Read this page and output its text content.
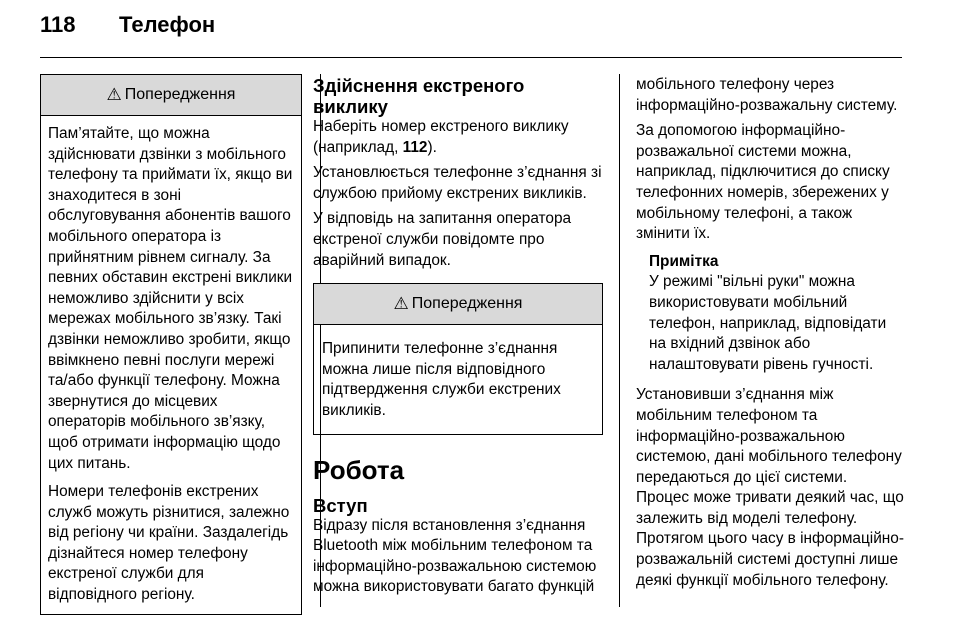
118 Телефон
⚠ Попередження

Пам’ятайте, що можна здійснювати дзвінки з мобільного телефону та приймати їх, якщо ви знаходитеся в зоні обслуговування абонентів вашого мобільного оператора із прийнятним рівнем сигналу. За певних обставин екстрені виклики неможливо здійснити у всіх мережах мобільного зв’язку. Такі дзвінки неможливо зробити, якщо ввімкнено певні послуги мережі та/або функції телефону. Можна звернутися до місцевих операторів мобільного зв’язку, щоб отримати інформацію щодо цих питань.

Номери телефонів екстрених служб можуть різнитися, залежно від регіону чи країни. Заздалегідь дізнайтеся номер телефону екстреної служби для відповідного регіону.

Здійснення екстреного
виклику

Наберіть номер екстреного виклику (наприклад, 112).

Установлюється телефонне з’єднання зі службою прийому екстрених викликів.

У відповідь на запитання оператора екстреної служби повідомте про аварійний випадок.

⚠ Попередження

Припинити телефонне з’єднання можна лише після відповідного підтвердження служби екстрених викликів.

Робота
Вступ

Відразу після встановлення з’єднання Bluetooth між мобільним телефоном та інформаційно-розважальною системою можна використовувати багато функцій

мобільного телефону через інформаційно-розважальну систему.

За допомогою інформаційно-розважальної системи можна, наприклад, підключитися до списку телефонних номерів, збережених у мобільному телефоні, а також змінити їх.

Примітка

У режимі "вільні руки" можна використовувати мобільний телефон, наприклад, відповідати на вхідний дзвінок або налаштовувати рівень гучності.

Установивши з’єднання між мобільним телефоном та інформаційно-розважальною системою, дані мобільного телефону передаються до цієї системи. Процес може тривати деякий час, що залежить від моделі телефону. Протягом цього часу в інформаційно-розважальній системі доступні лише деякі функції мобільного телефону.
